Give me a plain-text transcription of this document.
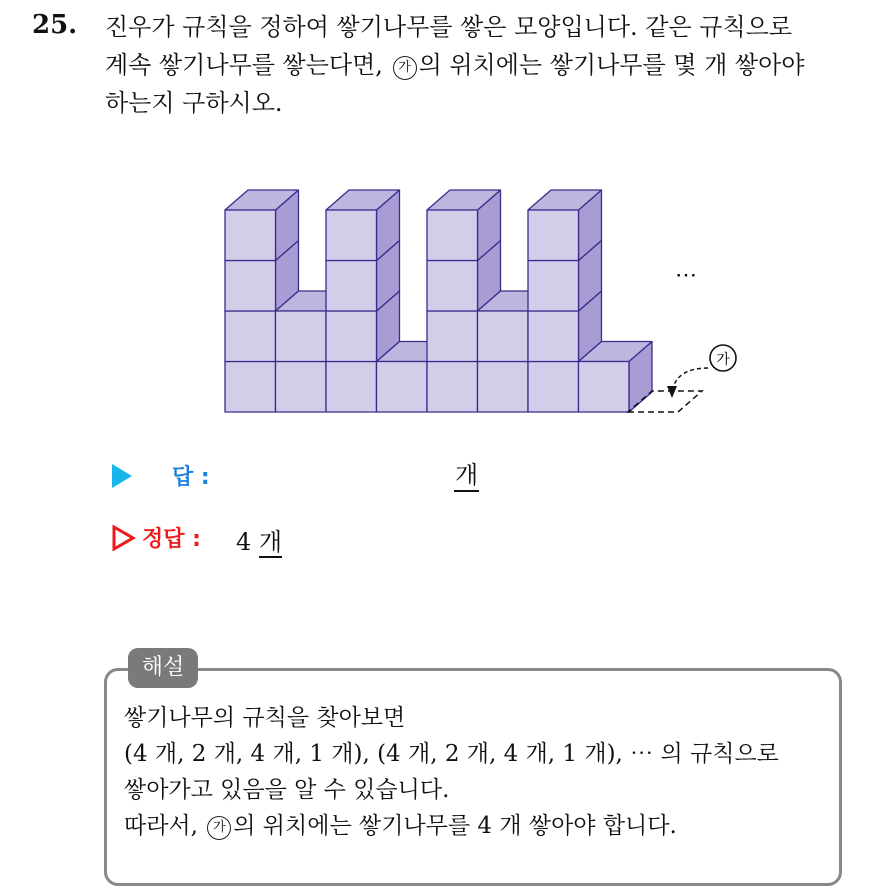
25. 진우가 규칙을 정하여 쌓기나무를 쌓은 모양입니다. 같은 규칙으로
계속 쌓기나무를 쌓는다면, 가 의 위치에는 쌓기나무를 몇 개 쌓아야
하는지 구하시오.
⋯
가
답 :	개
정답 : 4 개
해설
쌓기나무의 규칙을 찾아보면
(4 개, 2 개, 4 개, 1 개), (4 개, 2 개, 4 개, 1 개), ⋯ 의 규칙으로
쌓아가고 있음을 알 수 있습니다.
따라서, 가 의 위치에는 쌓기나무를 4 개 쌓아야 합니다.
